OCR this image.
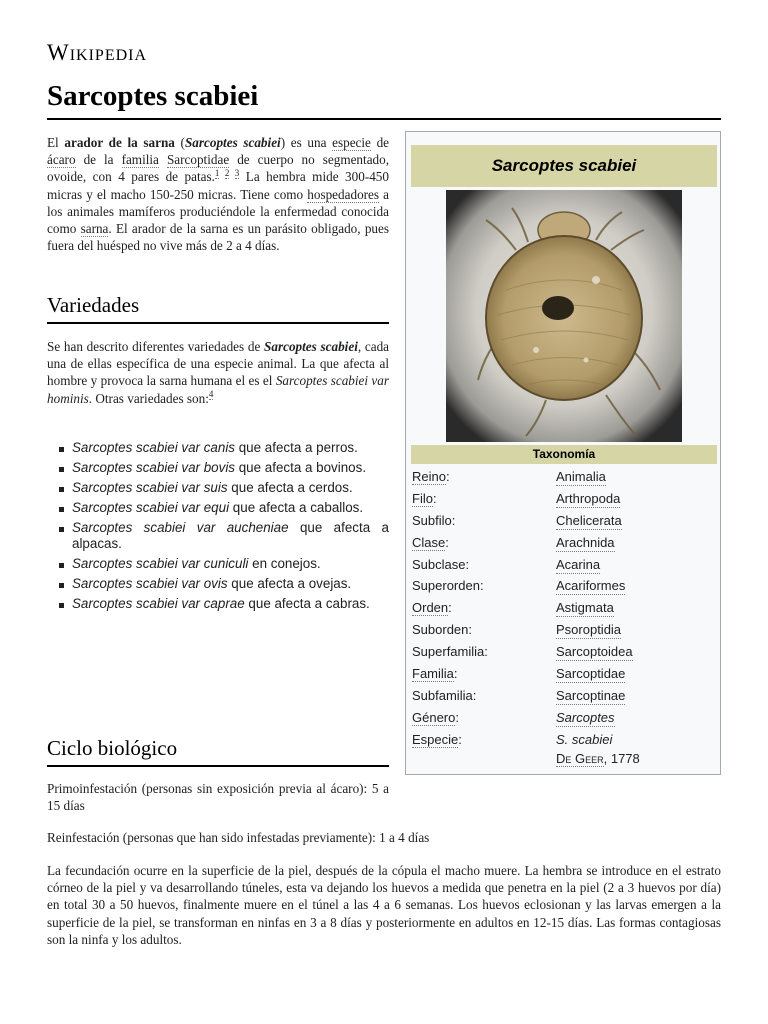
Wikipedia
Sarcoptes scabiei
El arador de la sarna (Sarcoptes scabiei) es una especie de ácaro de la familia Sarcoptidae de cuerpo no segmentado, ovoide, con 4 pares de patas.$^{1 2 3}$ La hembra mide 300-450 micras y el macho 150-250 micras. Tiene como hospedadores a los animales mamíferos produciéndole la enfermedad conocida como sarna. El arador de la sarna es un parásito obligado, pues fuera del huésped no vive más de 2 a 4 días.
Variedades
Se han descrito diferentes variedades de Sarcoptes scabiei, cada una de ellas específica de una especie animal. La que afecta al hombre y provoca la sarna humana el es el Sarcoptes scabiei var hominis. Otras variedades son:$^4$
Sarcoptes scabiei var canis que afecta a perros.
Sarcoptes scabiei var bovis que afecta a bovinos.
Sarcoptes scabiei var suis que afecta a cerdos.
Sarcoptes scabiei var equi que afecta a caballos.
Sarcoptes scabiei var aucheniae que afecta a alpacas.
Sarcoptes scabiei var cuniculi en conejos.
Sarcoptes scabiei var ovis que afecta a ovejas.
Sarcoptes scabiei var caprae que afecta a cabras.
Ciclo biológico
Primoinfestación (personas sin exposición previa al ácaro): 5 a 15 días
Reinfestación (personas que han sido infestadas previamente): 1 a 4 días
La fecundación ocurre en la superficie de la piel, después de la cópula el macho muere. La hembra se introduce en el estrato córneo de la piel y va desarrollando túneles, esta va dejando los huevos a medida que penetra en la piel (2 a 3 huevos por día) en total 30 a 50 huevos, finalmente muere en el túnel a las 4 a 6 semanas. Los huevos eclosionan y las larvas emergen a la superficie de la piel, se transforman en ninfas en 3 a 8 días y posteriormente en adultos en 12-15 días. Las formas contagiosas son la ninfa y los adultos.
Sarcoptes scabiei
Taxonomía
Reino:	Animalia
Filo:	Arthropoda
Subfilo:	Chelicerata
Clase:	Arachnida
Subclase:	Acarina
Superorden:	Acariformes
Orden:	Astigmata
Suborden:	Psoroptidia
Superfamilia:	Sarcoptoidea
Familia:	Sarcoptidae
Subfamilia:	Sarcoptinae
Género:	Sarcoptes
Especie:	S. scabiei
De Geer, 1778
